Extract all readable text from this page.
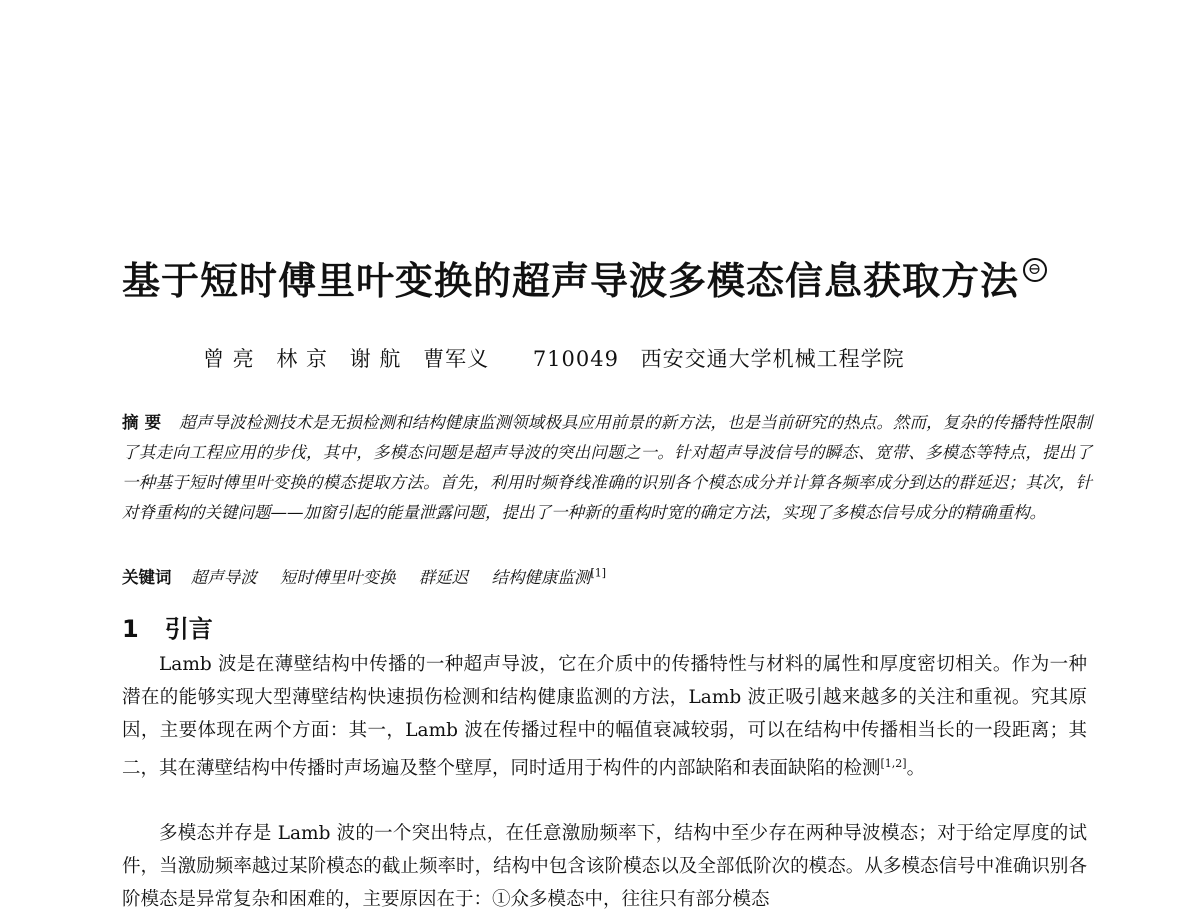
基于短时傅里叶变换的超声导波多模态信息获取方法 ⊖
曾 亮 林 京 谢 航 曹军义 710049 西安交通大学机械工程学院
摘要 超声导波检测技术是无损检测和结构健康监测领域极具应用前景的新方法，也是当前研究的热点。然而，复杂的传播特性限制了其走向工程应用的步伐，其中，多模态问题是超声导波的突出问题之一。针对超声导波信号的瞬态、宽带、多模态等特点，提出了一种基于短时傅里叶变换的模态提取方法。首先，利用时频脊线准确的识别各个模态成分并计算各频率成分到达的群延迟；其次，针对脊重构的关键问题——加窗引起的能量泄露问题，提出了一种新的重构时宽的确定方法，实现了多模态信号成分的精确重构。
关键词 超声导波 短时傅里叶变换 群延迟 结构健康监测[1]
1 引言
Lamb 波是在薄壁结构中传播的一种超声导波，它在介质中的传播特性与材料的属性和厚度密切相关。作为一种潜在的能够实现大型薄壁结构快速损伤检测和结构健康监测的方法，Lamb 波正吸引越来越多的关注和重视。究其原因，主要体现在两个方面：其一，Lamb 波在传播过程中的幅值衰减较弱，可以在结构中传播相当长的一段距离；其二，其在薄壁结构中传播时声场遍及整个壁厚，同时适用于构件的内部缺陷和表面缺陷的检测[1,2]。
多模态并存是 Lamb 波的一个突出特点，在任意激励频率下，结构中至少存在两种导波模态；对于给定厚度的试件，当激励频率越过某阶模态的截止频率时，结构中包含该阶模态以及全部低阶次的模态。从多模态信号中准确识别各阶模态是异常复杂和困难的，主要原因在于：①众多模态中，往往只有部分模态
